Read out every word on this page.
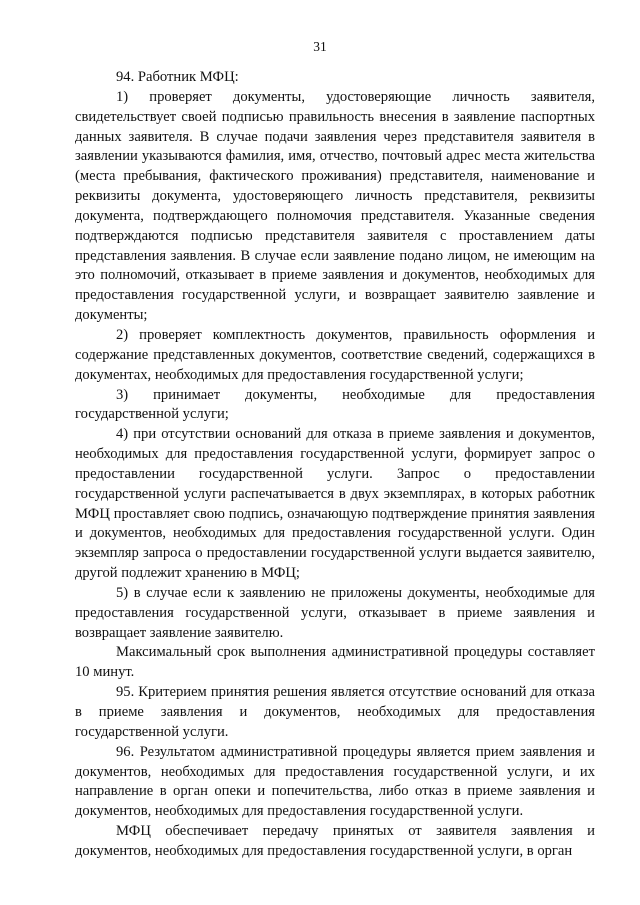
31

94. Работник МФЦ:

1) проверяет документы, удостоверяющие личность заявителя, свидетельствует своей подписью правильность внесения в заявление паспортных данных заявителя. В случае подачи заявления через представителя заявителя в заявлении указываются фамилия, имя, отчество, почтовый адрес места жительства (места пребывания, фактического проживания) представителя, наименование и реквизиты документа, удостоверяющего личность представителя, реквизиты документа, подтверждающего полномочия представителя. Указанные сведения подтверждаются подписью представителя заявителя с проставлением даты представления заявления. В случае если заявление подано лицом, не имеющим на это полномочий, отказывает в приеме заявления и документов, необходимых для предоставления государственной услуги, и возвращает заявителю заявление и документы;

2) проверяет комплектность документов, правильность оформления и содержание представленных документов, соответствие сведений, содержащихся в документах, необходимых для предоставления государственной услуги;

3) принимает документы, необходимые для предоставления государственной услуги;

4) при отсутствии оснований для отказа в приеме заявления и документов, необходимых для предоставления государственной услуги, формирует запрос о предоставлении государственной услуги. Запрос о предоставлении государственной услуги распечатывается в двух экземплярах, в которых работник МФЦ проставляет свою подпись, означающую подтверждение принятия заявления и документов, необходимых для предоставления государственной услуги. Один экземпляр запроса о предоставлении государственной услуги выдается заявителю, другой подлежит хранению в МФЦ;

5) в случае если к заявлению не приложены документы, необходимые для предоставления государственной услуги, отказывает в приеме заявления и возвращает заявление заявителю.

Максимальный срок выполнения административной процедуры составляет 10 минут.

95. Критерием принятия решения является отсутствие оснований для отказа в приеме заявления и документов, необходимых для предоставления государственной услуги.

96. Результатом административной процедуры является прием заявления и документов, необходимых для предоставления государственной услуги, и их направление в орган опеки и попечительства, либо отказ в приеме заявления и документов, необходимых для предоставления государственной услуги.

МФЦ обеспечивает передачу принятых от заявителя заявления и документов, необходимых для предоставления государственной услуги, в орган
